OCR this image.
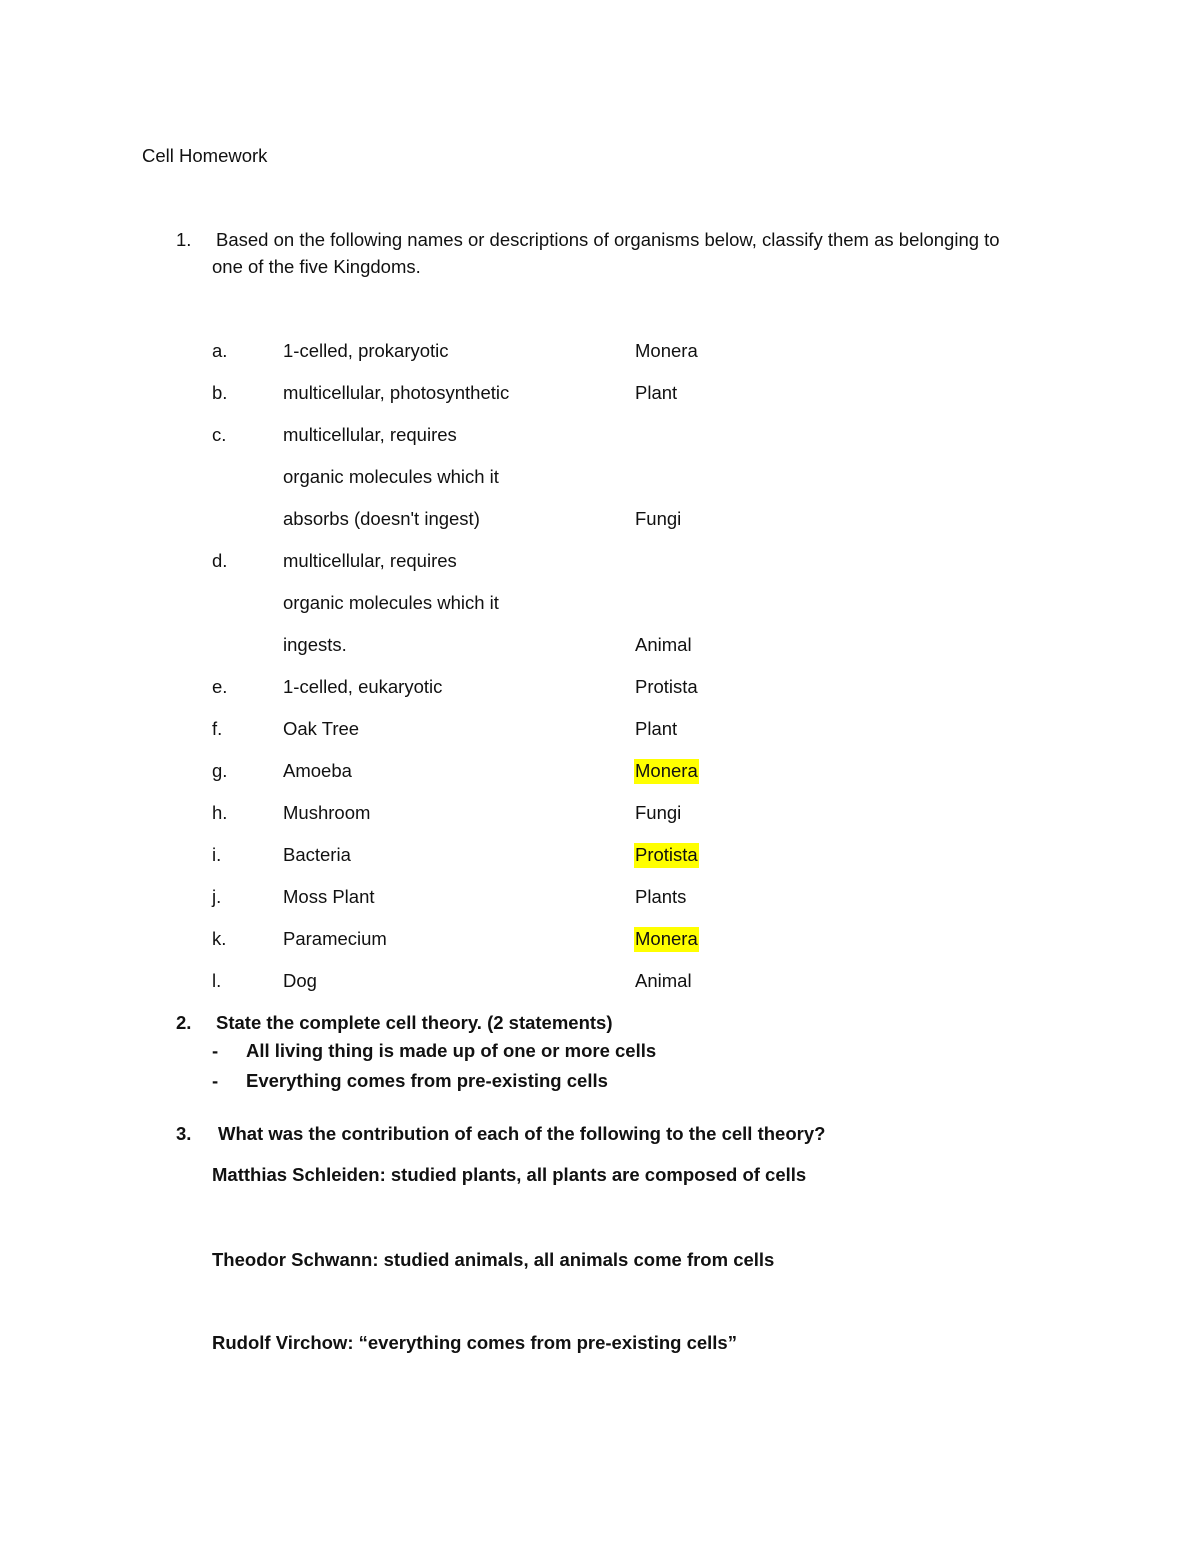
Cell Homework
1. Based on the following names or descriptions of organisms below, classify them as belonging to
one of the five Kingdoms.
a.	1-celled, prokaryotic	Monera
b.	multicellular, photosynthetic	Plant
c.	multicellular, requires
organic molecules which it
absorbs (doesn't ingest)	Fungi
d.	multicellular, requires
organic molecules which it
ingests.	Animal
e.	1-celled, eukaryotic	Protista
f.	Oak Tree	Plant
g.	Amoeba	Monera
h.	Mushroom	Fungi
i.	Bacteria	Protista
j.	Moss Plant	Plants
k.	Paramecium	Monera
l.	Dog	Animal
2. State the complete cell theory. (2 statements)
- All living thing is made up of one or more cells
- Everything comes from pre-existing cells
3. What was the contribution of each of the following to the cell theory?
Matthias Schleiden: studied plants, all plants are composed of cells
Theodor Schwann: studied animals, all animals come from cells
Rudolf Virchow: “everything comes from pre-existing cells”
